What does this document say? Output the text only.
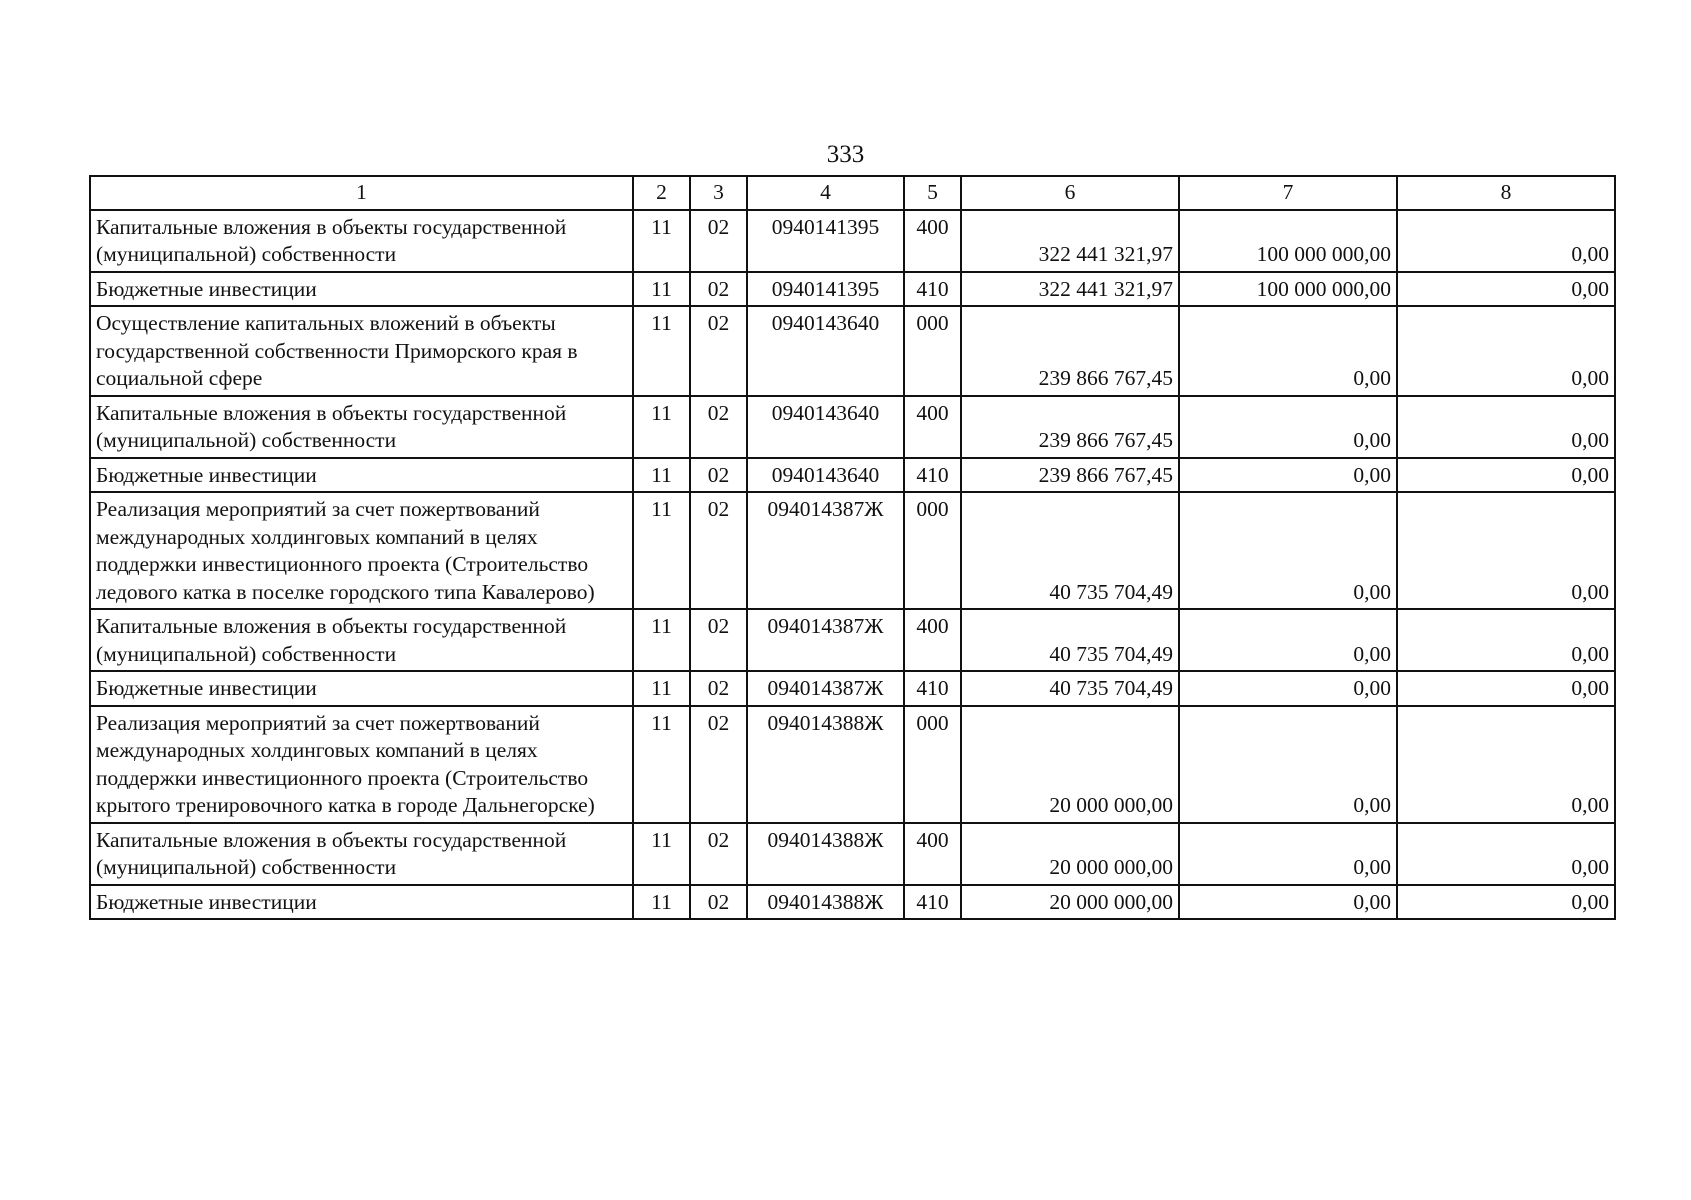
333
1	2	3	4	5	6	7	8
Капитальные вложения в объекты государственной (муниципальной) собственности	11	02	0940141395	400	322 441 321,97	100 000 000,00	0,00
Бюджетные инвестиции	11	02	0940141395	410	322 441 321,97	100 000 000,00	0,00
Осуществление капитальных вложений в объекты государственной собственности Приморского края в социальной сфере	11	02	0940143640	000	239 866 767,45	0,00	0,00
Капитальные вложения в объекты государственной (муниципальной) собственности	11	02	0940143640	400	239 866 767,45	0,00	0,00
Бюджетные инвестиции	11	02	0940143640	410	239 866 767,45	0,00	0,00
Реализация мероприятий за счет пожертвований международных холдинговых компаний в целях поддержки инвестиционного проекта (Строительство ледового катка в поселке городского типа Кавалерово)	11	02	094014387Ж	000	40 735 704,49	0,00	0,00
Капитальные вложения в объекты государственной (муниципальной) собственности	11	02	094014387Ж	400	40 735 704,49	0,00	0,00
Бюджетные инвестиции	11	02	094014387Ж	410	40 735 704,49	0,00	0,00
Реализация мероприятий за счет пожертвований международных холдинговых компаний в целях поддержки инвестиционного проекта (Строительство крытого тренировочного катка в городе Дальнегорске)	11	02	094014388Ж	000	20 000 000,00	0,00	0,00
Капитальные вложения в объекты государственной (муниципальной) собственности	11	02	094014388Ж	400	20 000 000,00	0,00	0,00
Бюджетные инвестиции	11	02	094014388Ж	410	20 000 000,00	0,00	0,00
